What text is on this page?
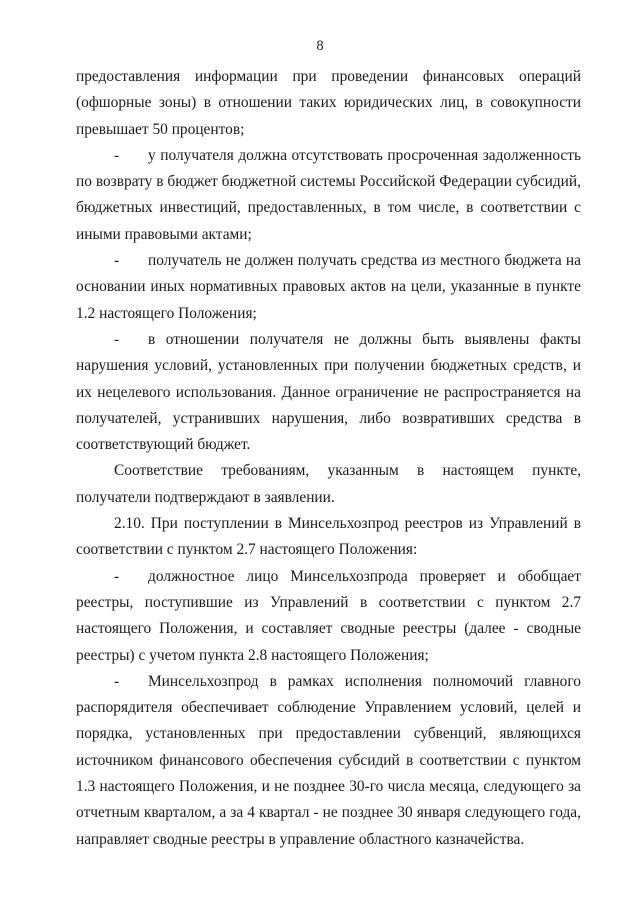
8

предоставления информации при проведении финансовых операций (офшорные зоны) в отношении таких юридических лиц, в совокупности превышает 50 процентов;

- у получателя должна отсутствовать просроченная задолженность по возврату в бюджет бюджетной системы Российской Федерации субсидий, бюджетных инвестиций, предоставленных, в том числе, в соответствии с иными правовыми актами;

- получатель не должен получать средства из местного бюджета на основании иных нормативных правовых актов на цели, указанные в пункте 1.2 настоящего Положения;

- в отношении получателя не должны быть выявлены факты нарушения условий, установленных при получении бюджетных средств, и их нецелевого использования. Данное ограничение не распространяется на получателей, устранивших нарушения, либо возвративших средства в соответствующий бюджет.

Соответствие требованиям, указанным в настоящем пункте, получатели подтверждают в заявлении.

2.10. При поступлении в Минсельхозпрод реестров из Управлений в соответствии с пунктом 2.7 настоящего Положения:

- должностное лицо Минсельхозпрода проверяет и обобщает реестры, поступившие из Управлений в соответствии с пунктом 2.7 настоящего Положения, и составляет сводные реестры (далее - сводные реестры) с учетом пункта 2.8 настоящего Положения;

- Минсельхозпрод в рамках исполнения полномочий главного распорядителя обеспечивает соблюдение Управлением условий, целей и порядка, установленных при предоставлении субвенций, являющихся источником финансового обеспечения субсидий в соответствии с пунктом 1.3 настоящего Положения, и не позднее 30-го числа месяца, следующего за отчетным кварталом, а за 4 квартал - не позднее 30 января следующего года, направляет сводные реестры в управление областного казначейства.
